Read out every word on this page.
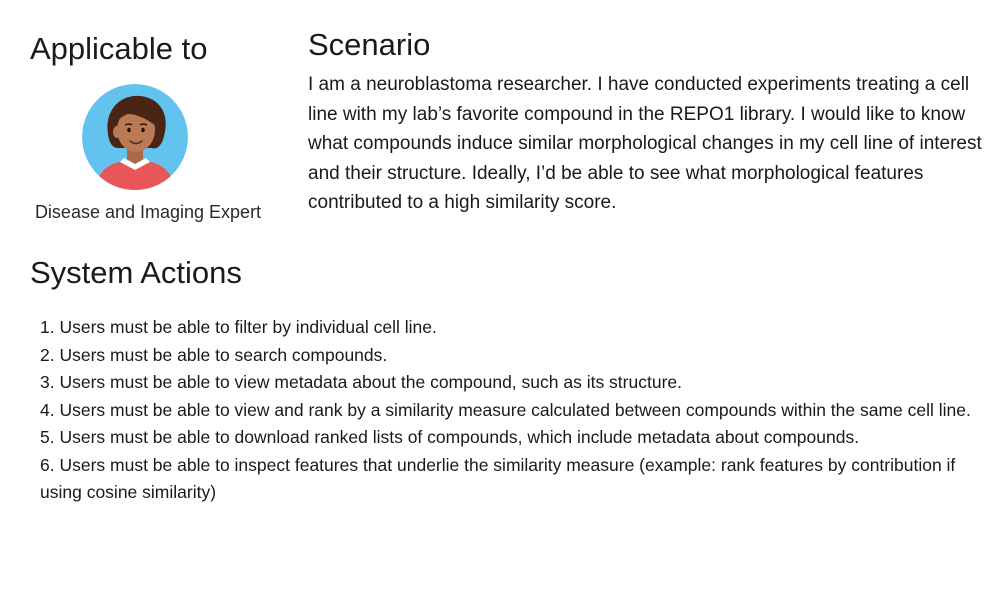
Applicable to
Disease and Imaging Expert
Scenario

I am a neuroblastoma researcher. I have conducted experiments treating a cell line with my lab’s favorite compound in the REPO1 library. I would like to know what compounds induce similar morphological changes in my cell line of interest and their structure. Ideally, I’d be able to see what morphological features contributed to a high similarity score.

System Actions
1. Users must be able to filter by individual cell line.
2. Users must be able to search compounds.
3. Users must be able to view metadata about the compound, such as its structure.
4. Users must be able to view and rank by a similarity measure calculated between compounds within the same cell line.
5. Users must be able to download ranked lists of compounds, which include metadata about compounds.
6. Users must be able to inspect features that underlie the similarity measure (example: rank features by contribution if using cosine similarity)
